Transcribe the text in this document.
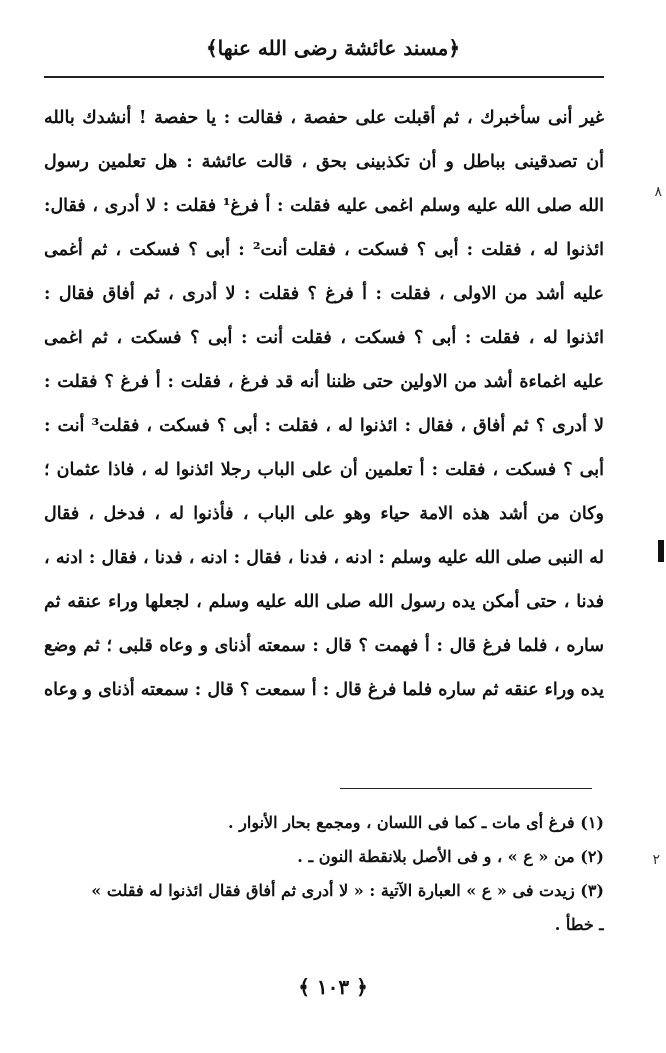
﴿مسند عائشة رضى الله عنها﴾
غير أنى سأخبرك ، ثم أقبلت على حفصة ، فقالت : يا حفصة ! أنشدك بالله
أن تصدقينى بباطل و أن تكذبينى بحق ، قالت عائشة : هل تعلمين رسول
الله صلى الله عليه وسلم اغمى عليه فقلت : أ فرغ¹ فقلت : لا أدرى ، فقال:
ائذنوا له ، فقلت : أبى ؟ فسكت ، فقلت أنت² : أبى ؟ فسكت ، ثم أغمى
عليه أشد من الاولى ، فقلت : أ فرغ ؟ فقلت : لا أدرى ، ثم أفاق فقال :
ائذنوا له ، فقلت : أبى ؟ فسكت ، فقلت أنت : أبى ؟ فسكت ، ثم اغمى
عليه اغماءة أشد من الاولين حتى ظننا أنه قد فرغ ، فقلت : أ فرغ ؟ فقلت :
لا أدرى ؟ ثم أفاق ، فقال : ائذنوا له ، فقلت : أبى ؟ فسكت ، فقلت³ أنت :
أبى ؟ فسكت ، فقلت : أ تعلمين أن على الباب رجلا ائذنوا له ، فاذا عثمان ؛
وكان من أشد هذه الامة حياء وهو على الباب ، فأذنوا له ، فدخل ، فقال
له النبى صلى الله عليه وسلم : ادنه ، فدنا ، فقال : ادنه ، فدنا ، فقال : ادنه ،
فدنا ، حتى أمكن يده رسول الله صلى الله عليه وسلم ، لجعلها وراء عنقه ثم
ساره ، فلما فرغ قال : أ فهمت ؟ قال : سمعته أذناى و وعاه قلبى ؛ ثم وضع
يده وراء عنقه ثم ساره فلما فرغ قال : أ سمعت ؟ قال : سمعته أذناى و وعاه
(١) فرغ أى مات ـ كما فى اللسان ، ومجمع بحار الأنوار .
(٢) من « ع » ، و فى الأصل بلانقطة النون ـ .
(٣) زيدت فى « ع » العبارة الآتية : « لا أدرى ثم أفاق فقال ائذنوا له فقلت »
ـ خطأ .
﴿ ١٠٣ ﴾
٨
٢
